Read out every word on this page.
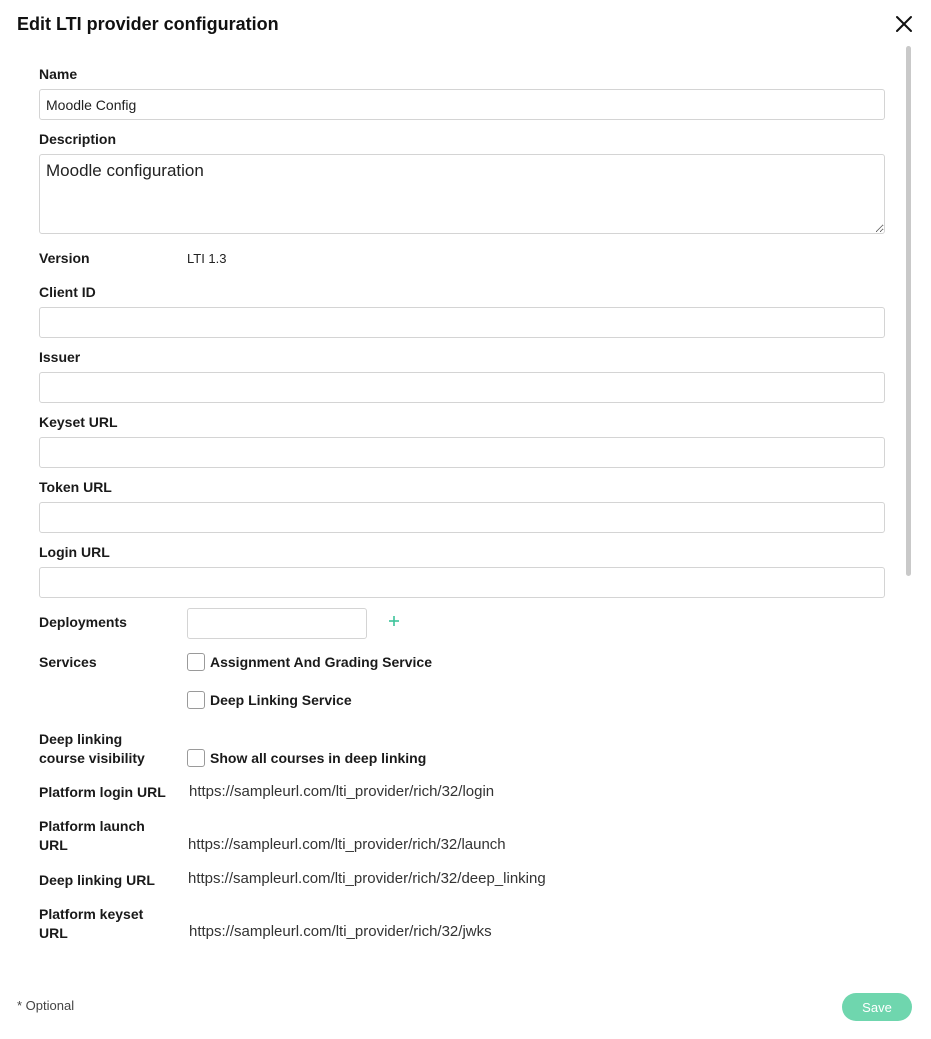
Edit LTI provider configuration
Name
Moodle Config
Description
Moodle configuration
Version	LTI 1.3
Client ID
Issuer
Keyset URL
Token URL
Login URL
Deployments
Services	Assignment And Grading Service
Deep Linking Service
Deep linking
course visibility	Show all courses in deep linking
Platform login URL https://sampleurl.com/lti_provider/rich/32/login
Platform launch
URL	https://sampleurl.com/lti_provider/rich/32/launch
Deep linking URL https://sampleurl.com/lti_provider/rich/32/deep_linking
Platform keyset
URL	https://sampleurl.com/lti_provider/rich/32/jwks
* Optional	Save
